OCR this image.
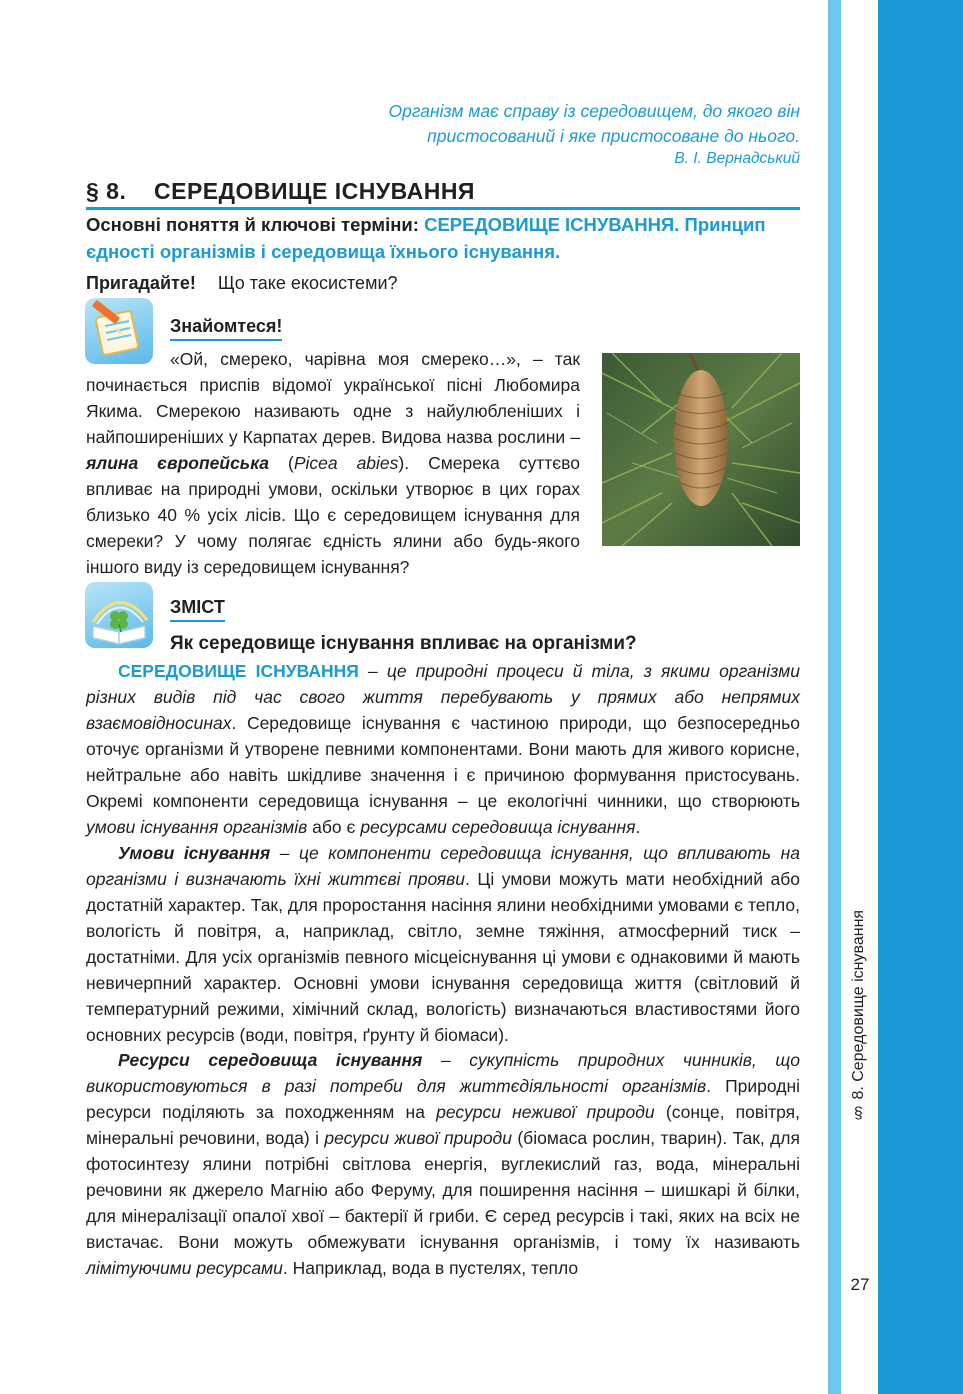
§ 8. Середовище існування
27
Організм має справу із середовищем, до якого він
пристосований і яке пристосоване до нього.
В. І. Вернадський
§ 8. СЕРЕДОВИЩЕ ІСНУВАННЯ
Основні поняття й ключові терміни: СЕРЕДОВИЩЕ ІСНУВАННЯ. Принцип єдності організмів і середовища їхнього існування.
Пригадайте! Що таке екосистеми?
Знайомтеся!
«Ой, смереко, чарівна моя смереко…», – так починається приспів відомої української пісні Любомира Якима. Смерекою називають одне з найулюбленіших і найпоширеніших у Карпатах дерев. Видова назва рослини – ялина європейська (Picea abies). Смерека суттєво впливає на природні умови, оскільки утворює в цих горах близько 40 % усіх лісів. Що є середовищем існування для смереки? У чому полягає єдність ялини або будь-якого іншого виду із середовищем існування?
ЗМІСТ
Як середовище існування впливає на організми?
СЕРЕДОВИЩЕ ІСНУВАННЯ – це природні процеси й тіла, з якими організми різних видів під час свого життя перебувають у прямих або непрямих взаємовідносинах. Середовище існування є частиною природи, що безпосередньо оточує організми й утворене певними компонентами. Вони мають для живого корисне, нейтральне або навіть шкідливе значення і є причиною формування пристосувань. Окремі компоненти середовища існування – це екологічні чинники, що створюють умови існування організмів або є ресурсами середовища існування.
Умови існування – це компоненти середовища існування, що впливають на організми і визначають їхні життєві прояви. Ці умови можуть мати необхідний або достатній характер. Так, для проростання насіння ялини необхідними умовами є тепло, вологість й повітря, а, наприклад, світло, земне тяжіння, атмосферний тиск – достатніми. Для усіх організмів певного місцеіснування ці умови є однаковими й мають невичерпний характер. Основні умови існування середовища життя (світловий й температурний режими, хімічний склад, вологість) визначаються властивостями його основних ресурсів (води, повітря, ґрунту й біомаси).
Ресурси середовища існування – сукупність природних чинників, що використовуються в разі потреби для життєдіяльності організмів. Природні ресурси поділяють за походженням на ресурси неживої природи (сонце, повітря, мінеральні речовини, вода) і ресурси живої природи (біомаса рослин, тварин). Так, для фотосинтезу ялини потрібні світлова енергія, вуглекислий газ, вода, мінеральні речовини як джерело Магнію або Феруму, для поширення насіння – шишкарі й білки, для мінералізації опалої хвої – бактерії й гриби. Є серед ресурсів і такі, яких на всіх не вистачає. Вони можуть обмежувати існування організмів, і тому їх називають лімітуючими ресурсами. Наприклад, вода в пустелях, тепло
